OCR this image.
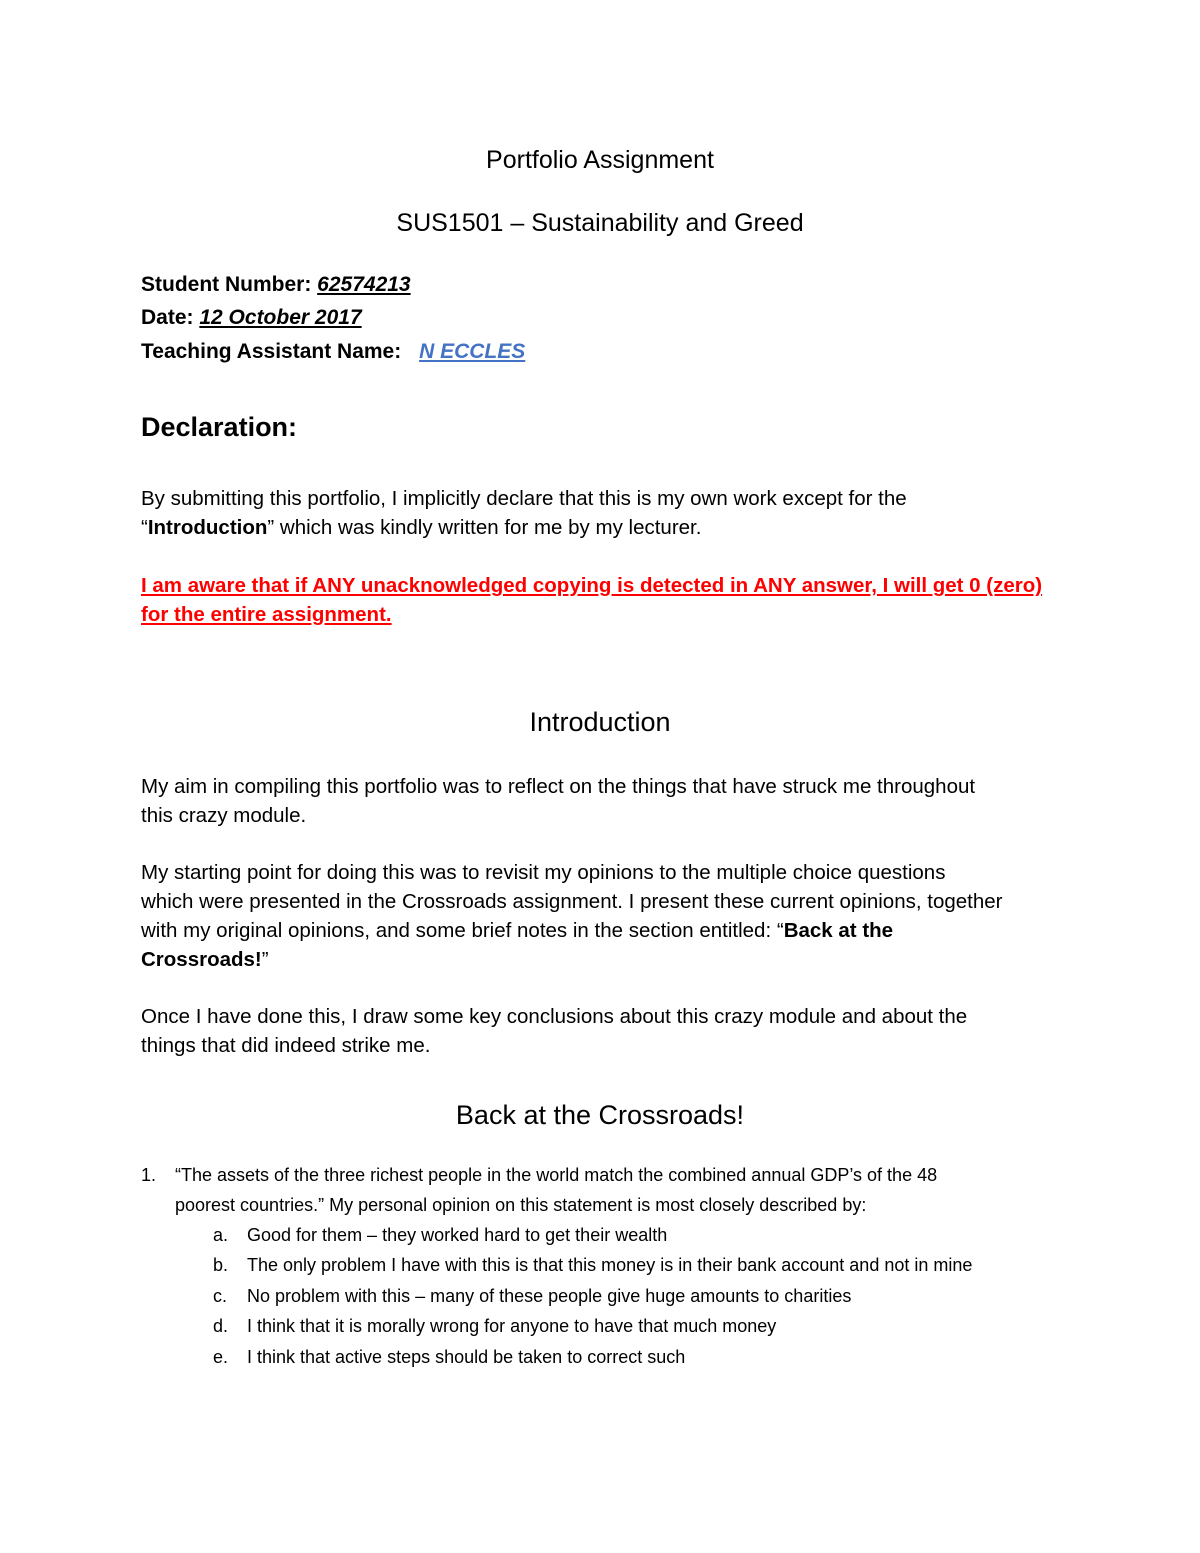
Portfolio Assignment
SUS1501 – Sustainability and Greed
Student Number: 62574213
Date: 12 October 2017
Teaching Assistant Name: N ECCLES
Declaration:
By submitting this portfolio, I implicitly declare that this is my own work except for the
“Introduction” which was kindly written for me by my lecturer.
I am aware that if ANY unacknowledged copying is detected in ANY answer, I will get 0 (zero)
for the entire assignment.
Introduction
My aim in compiling this portfolio was to reflect on the things that have struck me throughout
this crazy module.
My starting point for doing this was to revisit my opinions to the multiple choice questions
which were presented in the Crossroads assignment. I present these current opinions, together
with my original opinions, and some brief notes in the section entitled: “Back at the
Crossroads!”
Once I have done this, I draw some key conclusions about this crazy module and about the
things that did indeed strike me.
Back at the Crossroads!
1. “The assets of the three richest people in the world match the combined annual GDP’s of the 48
poorest countries.” My personal opinion on this statement is most closely described by:
a. Good for them – they worked hard to get their wealth
b. The only problem I have with this is that this money is in their bank account and not in mine
c. No problem with this – many of these people give huge amounts to charities
d. I think that it is morally wrong for anyone to have that much money
e. I think that active steps should be taken to correct such
